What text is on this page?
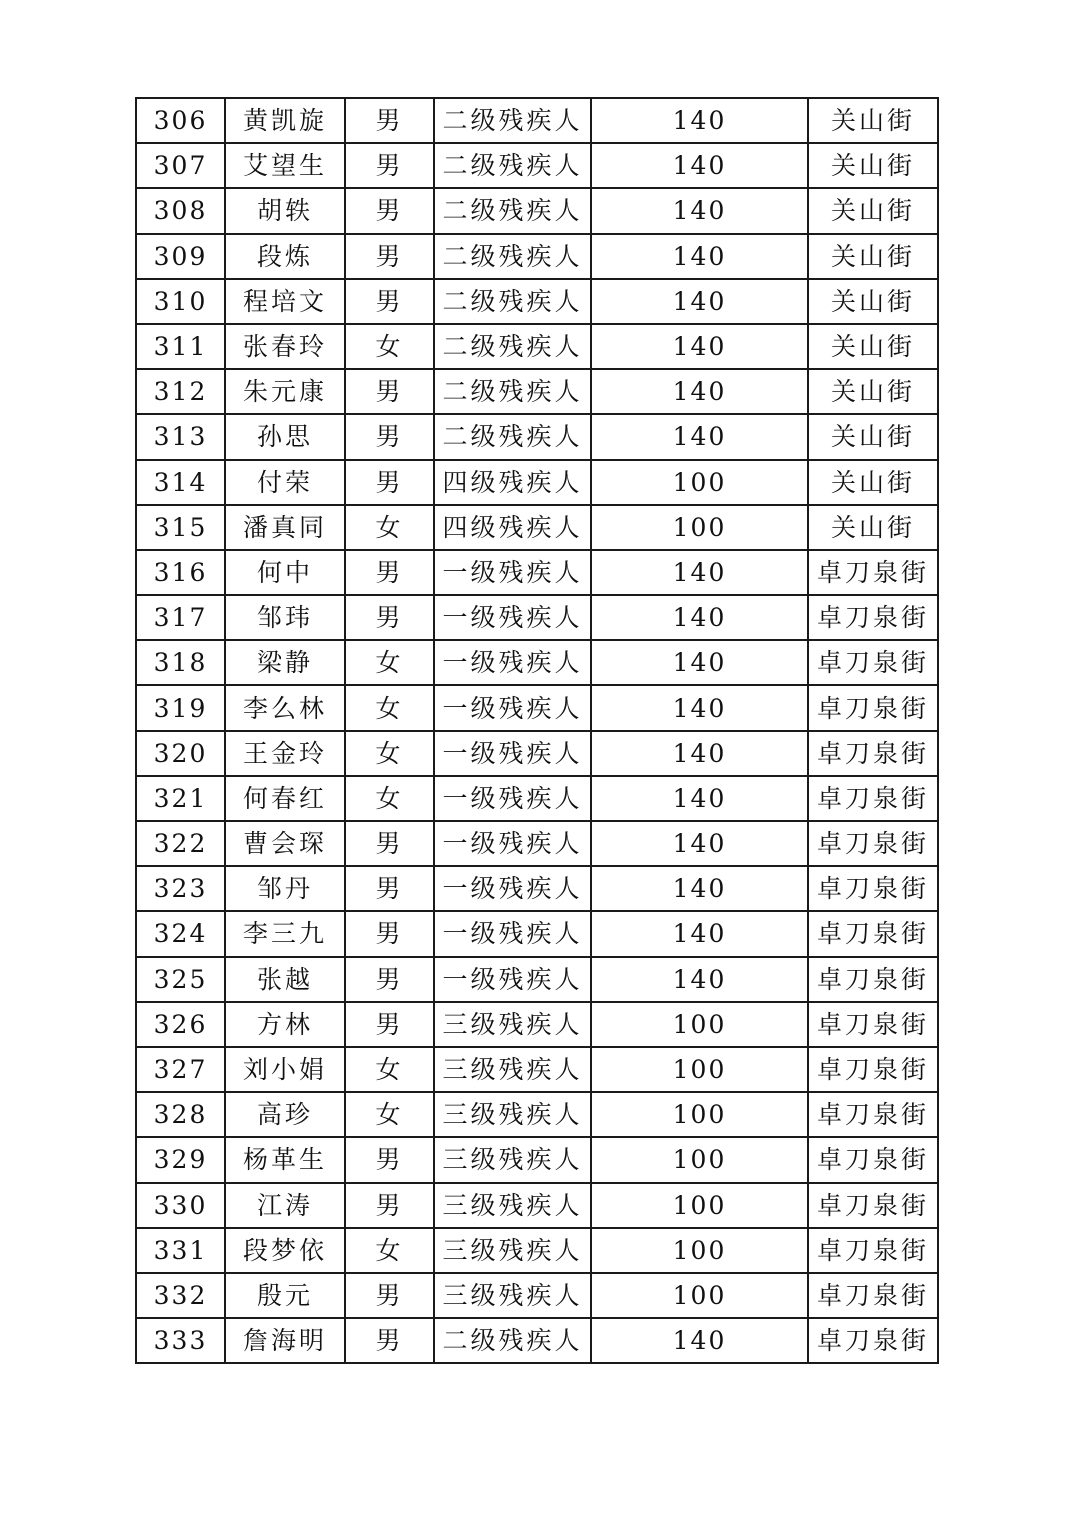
306	黄凯旋	男	二级残疾人	140	关山街
307	艾望生	男	二级残疾人	140	关山街
308	胡轶	男	二级残疾人	140	关山街
309	段炼	男	二级残疾人	140	关山街
310	程培文	男	二级残疾人	140	关山街
311	张春玲	女	二级残疾人	140	关山街
312	朱元康	男	二级残疾人	140	关山街
313	孙思	男	二级残疾人	140	关山街
314	付荣	男	四级残疾人	100	关山街
315	潘真同	女	四级残疾人	100	关山街
316	何中	男	一级残疾人	140	卓刀泉街
317	邹玮	男	一级残疾人	140	卓刀泉街
318	梁静	女	一级残疾人	140	卓刀泉街
319	李么林	女	一级残疾人	140	卓刀泉街
320	王金玲	女	一级残疾人	140	卓刀泉街
321	何春红	女	一级残疾人	140	卓刀泉街
322	曹会琛	男	一级残疾人	140	卓刀泉街
323	邹丹	男	一级残疾人	140	卓刀泉街
324	李三九	男	一级残疾人	140	卓刀泉街
325	张越	男	一级残疾人	140	卓刀泉街
326	方林	男	三级残疾人	100	卓刀泉街
327	刘小娟	女	三级残疾人	100	卓刀泉街
328	高珍	女	三级残疾人	100	卓刀泉街
329	杨革生	男	三级残疾人	100	卓刀泉街
330	江涛	男	三级残疾人	100	卓刀泉街
331	段梦依	女	三级残疾人	100	卓刀泉街
332	殷元	男	三级残疾人	100	卓刀泉街
333	詹海明	男	二级残疾人	140	卓刀泉街
